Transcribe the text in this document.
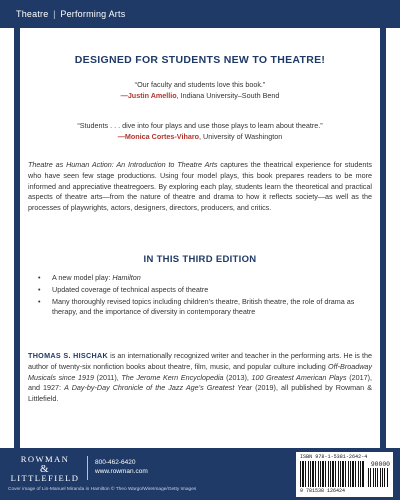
Theatre | Performing Arts
DESIGNED FOR STUDENTS NEW TO THEATRE!
“Our faculty and students love this book.”
—Justin Amellio, Indiana University–South Bend
“Students . . . dive into four plays and use those plays to learn about theatre.”
—Monica Cortes-Viharo, University of Washington

Theatre as Human Action: An Introduction to Theatre Arts captures the theatrical experience for students who have seen few stage productions. Using four model plays, this book prepares readers to be more informed and appreciative theatregoers. By exploring each play, students learn the theoretical and practical aspects of theatre arts—from the nature of theatre and drama to how it reflects society—as well as the processes of playwrights, actors, designers, directors, producers, and critics.

IN THIS THIRD EDITION
• A new model play: Hamilton
• Updated coverage of technical aspects of theatre
• Many thoroughly revised topics including children’s theatre, British theatre, the role of drama as therapy, and the importance of diversity in contemporary theatre

THOMAS S. HISCHAK is an internationally recognized writer and teacher in the performing arts. He is the author of twenty-six nonfiction books about theatre, film, music, and popular culture including Off-Broadway Musicals since 1919 (2011), The Jerome Kern Encyclopedia (2013), 100 Greatest American Plays (2017), and 1927: A Day-by-Day Chronicle of the Jazz Age’s Greatest Year (2019), all published by Rowman & Littlefield.

ROWMAN
&
LITTLEFIELD
800-462-6420
www.rowman.com
Cover image of Lin-Manuel Miranda in Hamilton © Theo Wargo/WireImage/Getty Images
ISBN 978-1-5381-2642-4
90000
9 781538 126424
